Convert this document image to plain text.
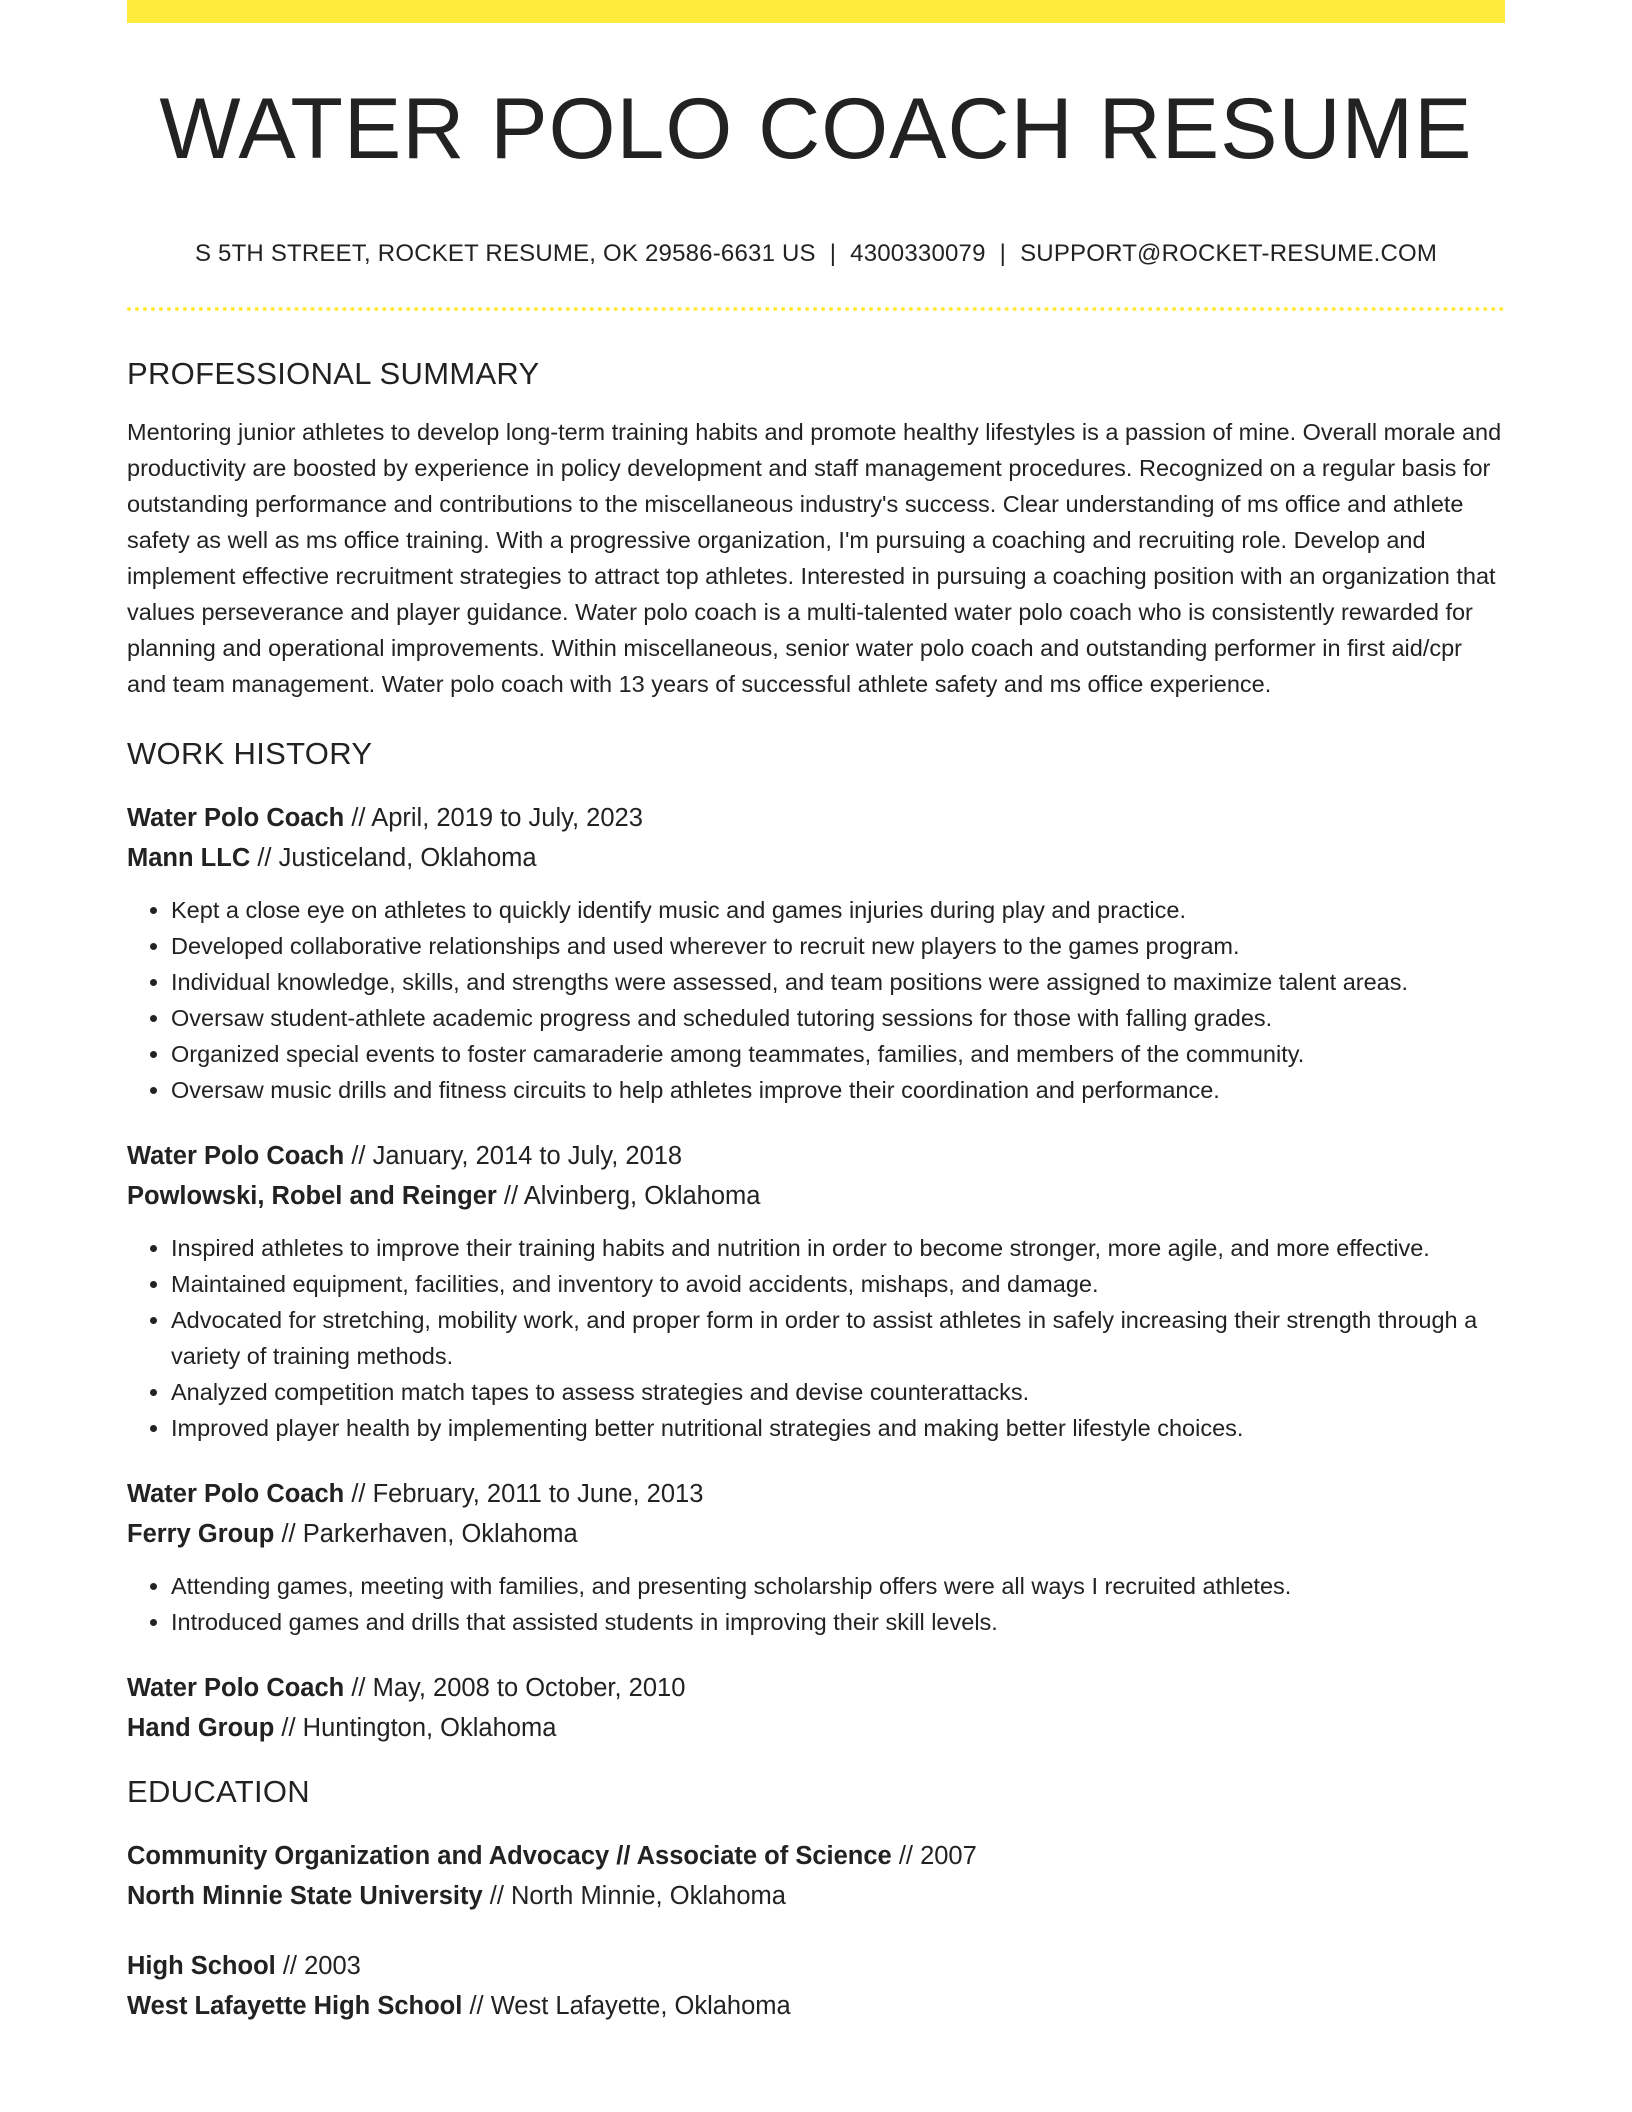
WATER POLO COACH RESUME
S 5TH STREET, ROCKET RESUME, OK 29586-6631 US | 4300330079 | SUPPORT@ROCKET-RESUME.COM
PROFESSIONAL SUMMARY

Mentoring junior athletes to develop long-term training habits and promote healthy lifestyles is a passion of mine. Overall morale and productivity are boosted by experience in policy development and staff management procedures. Recognized on a regular basis for outstanding performance and contributions to the miscellaneous industry's success. Clear understanding of ms office and athlete safety as well as ms office training. With a progressive organization, I'm pursuing a coaching and recruiting role. Develop and implement effective recruitment strategies to attract top athletes. Interested in pursuing a coaching position with an organization that values perseverance and player guidance. Water polo coach is a multi-talented water polo coach who is consistently rewarded for planning and operational improvements. Within miscellaneous, senior water polo coach and outstanding performer in first aid/cpr and team management. Water polo coach with 13 years of successful athlete safety and ms office experience.

WORK HISTORY
Water Polo Coach // April, 2019 to July, 2023
Mann LLC // Justiceland, Oklahoma
• Kept a close eye on athletes to quickly identify music and games injuries during play and practice.
• Developed collaborative relationships and used wherever to recruit new players to the games program.
• Individual knowledge, skills, and strengths were assessed, and team positions were assigned to maximize talent areas.
• Oversaw student-athlete academic progress and scheduled tutoring sessions for those with falling grades.
• Organized special events to foster camaraderie among teammates, families, and members of the community.
• Oversaw music drills and fitness circuits to help athletes improve their coordination and performance.
Water Polo Coach // January, 2014 to July, 2018
Powlowski, Robel and Reinger // Alvinberg, Oklahoma
• Inspired athletes to improve their training habits and nutrition in order to become stronger, more agile, and more effective.
• Maintained equipment, facilities, and inventory to avoid accidents, mishaps, and damage.
• Advocated for stretching, mobility work, and proper form in order to assist athletes in safely increasing their strength through a variety of training methods.
• Analyzed competition match tapes to assess strategies and devise counterattacks.
• Improved player health by implementing better nutritional strategies and making better lifestyle choices.
Water Polo Coach // February, 2011 to June, 2013
Ferry Group // Parkerhaven, Oklahoma
• Attending games, meeting with families, and presenting scholarship offers were all ways I recruited athletes.
• Introduced games and drills that assisted students in improving their skill levels.
Water Polo Coach // May, 2008 to October, 2010
Hand Group // Huntington, Oklahoma
EDUCATION
Community Organization and Advocacy // Associate of Science // 2007
North Minnie State University // North Minnie, Oklahoma
High School // 2003
West Lafayette High School // West Lafayette, Oklahoma
